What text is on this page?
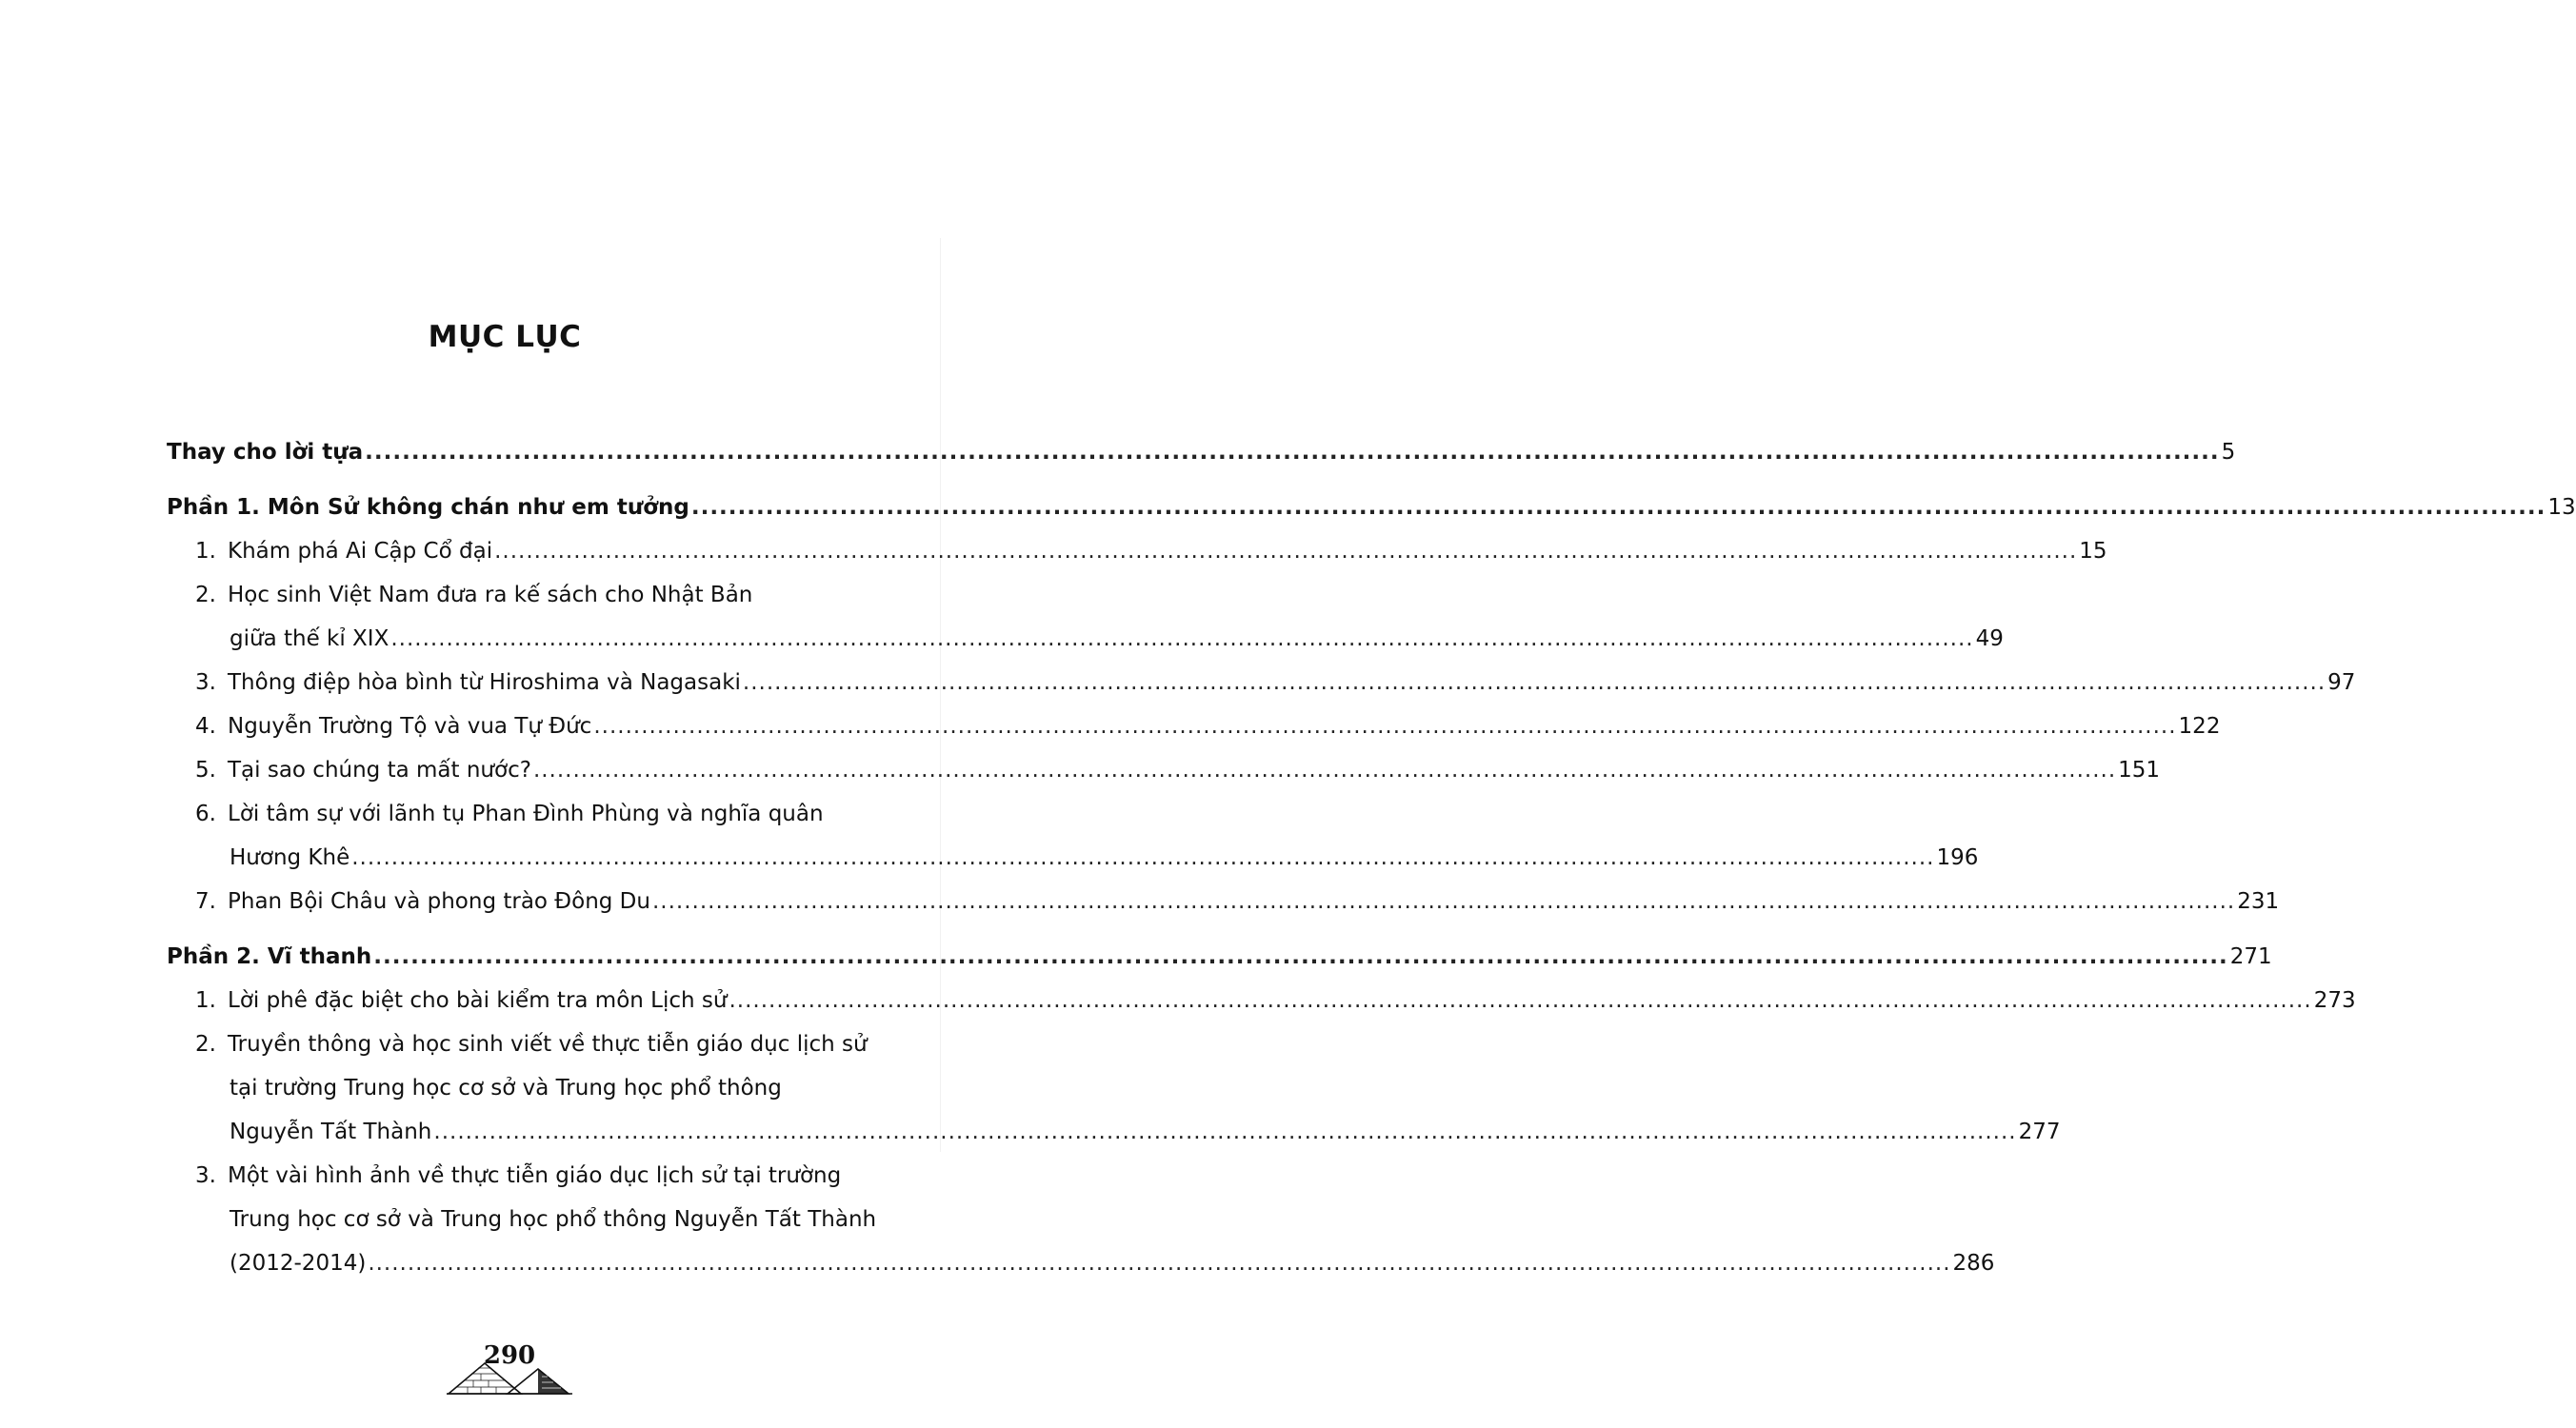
MỤC LỤC
Thay cho lời tựa ........................................................................................................................................................................................................ 5
Phần 1. Môn Sử không chán như em tưởng ........................................................................................................................................................................................................ 13
1. Khám phá Ai Cập Cổ đại ........................................................................................................................................................................................................ 15
2. Học sinh Việt Nam đưa ra kế sách cho Nhật Bản
giữa thế kỉ XIX ........................................................................................................................................................................................................ 49
3. Thông điệp hòa bình từ Hiroshima và Nagasaki ........................................................................................................................................................................................................ 97
4. Nguyễn Trường Tộ và vua Tự Đức ........................................................................................................................................................................................................ 122
5. Tại sao chúng ta mất nước? ........................................................................................................................................................................................................ 151
6. Lời tâm sự với lãnh tụ Phan Đình Phùng và nghĩa quân
Hương Khê ........................................................................................................................................................................................................ 196
7. Phan Bội Châu và phong trào Đông Du ........................................................................................................................................................................................................ 231
Phần 2. Vĩ thanh ........................................................................................................................................................................................................ 271
1. Lời phê đặc biệt cho bài kiểm tra môn Lịch sử ........................................................................................................................................................................................................ 273
2. Truyền thông và học sinh viết về thực tiễn giáo dục lịch sử
tại trường Trung học cơ sở và Trung học phổ thông
Nguyễn Tất Thành ........................................................................................................................................................................................................ 277
3. Một vài hình ảnh về thực tiễn giáo dục lịch sử tại trường
Trung học cơ sở và Trung học phổ thông Nguyễn Tất Thành
(2012-2014) ........................................................................................................................................................................................................ 286
290
